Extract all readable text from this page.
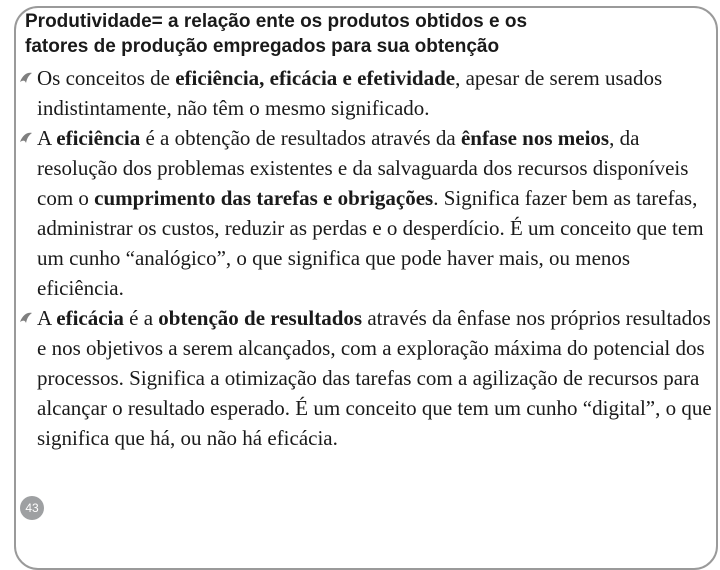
Produtividade= a relação ente os produtos obtidos e os
fatores de produção empregados para sua obtenção

Os conceitos de eficiência, eficácia e efetividade, apesar de serem usados indistintamente, não têm o mesmo significado.

A eficiência é a obtenção de resultados através da ênfase nos meios, da resolução dos problemas existentes e da salvaguarda dos recursos disponíveis com o cumprimento das tarefas e obrigações. Significa fazer bem as tarefas, administrar os custos, reduzir as perdas e o desperdício. É um conceito que tem um cunho “analógico”, o que significa que pode haver mais, ou menos eficiência.

A eficácia é a obtenção de resultados através da ênfase nos próprios resultados e nos objetivos a serem alcançados, com a exploração máxima do potencial dos processos. Significa a otimização das tarefas com a agilização de recursos para alcançar o resultado esperado. É um conceito que tem um cunho “digital”, o que significa que há, ou não há eficácia.

43
